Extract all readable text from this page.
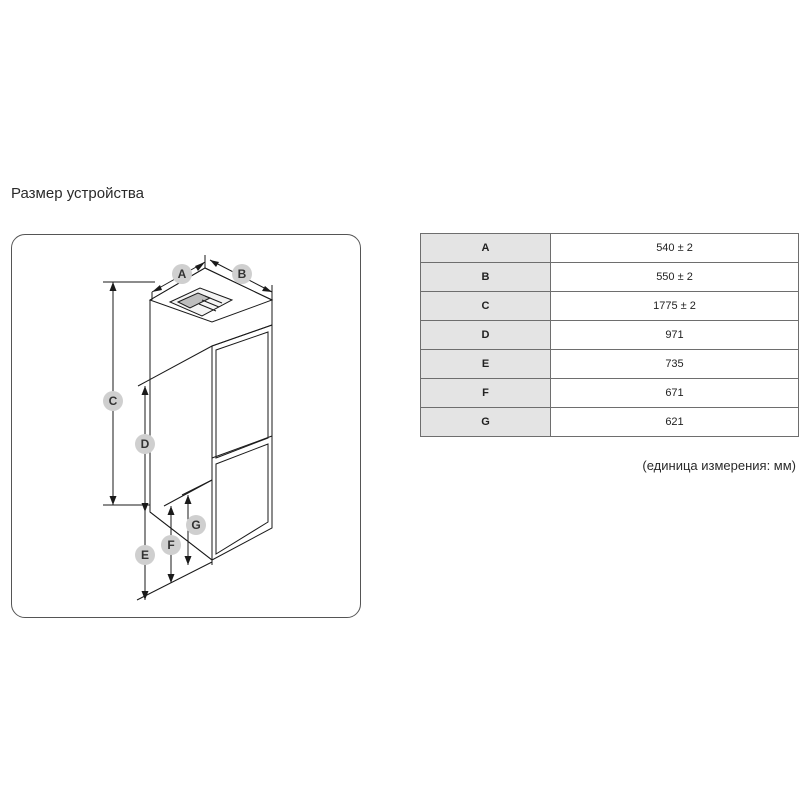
Размер устройства
A	B
C
D
E
F
G
A	540 ± 2
B	550 ± 2
C	1775 ± 2
D	971
E	735
F	671
G	621
(единица измерения: мм)
